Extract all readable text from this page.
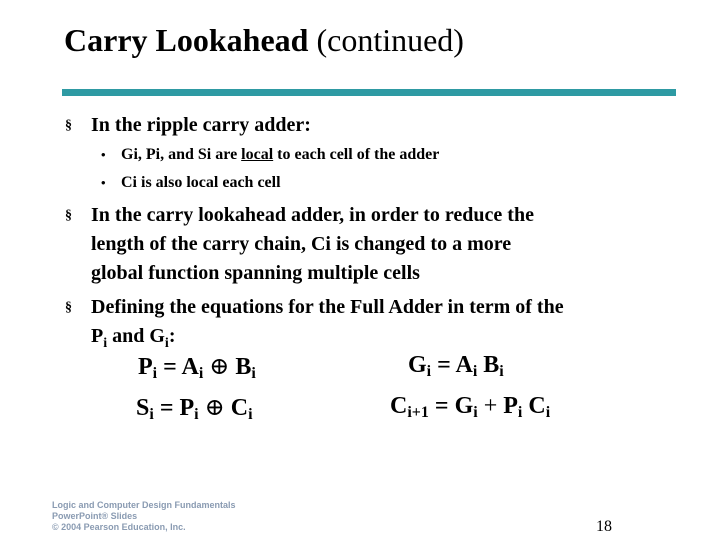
Carry Lookahead (continued)
§ In the ripple carry adder:
• Gi, Pi, and Si are local to each cell of the adder
• Ci is also local each cell
§ In the carry lookahead adder, in order to reduce the
length of the carry chain, Ci is changed to a more
global function spanning multiple cells
§ Defining the equations for the Full Adder in term of the
$P_i$ and $G_i$:
$P_i = A_i$ ⊕ $B_i$	$G_i = A_i$ $B_i$
$S_i = P_i$ ⊕ $C_i$	$C_{i+1} = G_i + P_i$ $C_i$
Logic and Computer Design Fundamentals
PowerPoint® Slides
© 2004 Pearson Education, Inc.	18
